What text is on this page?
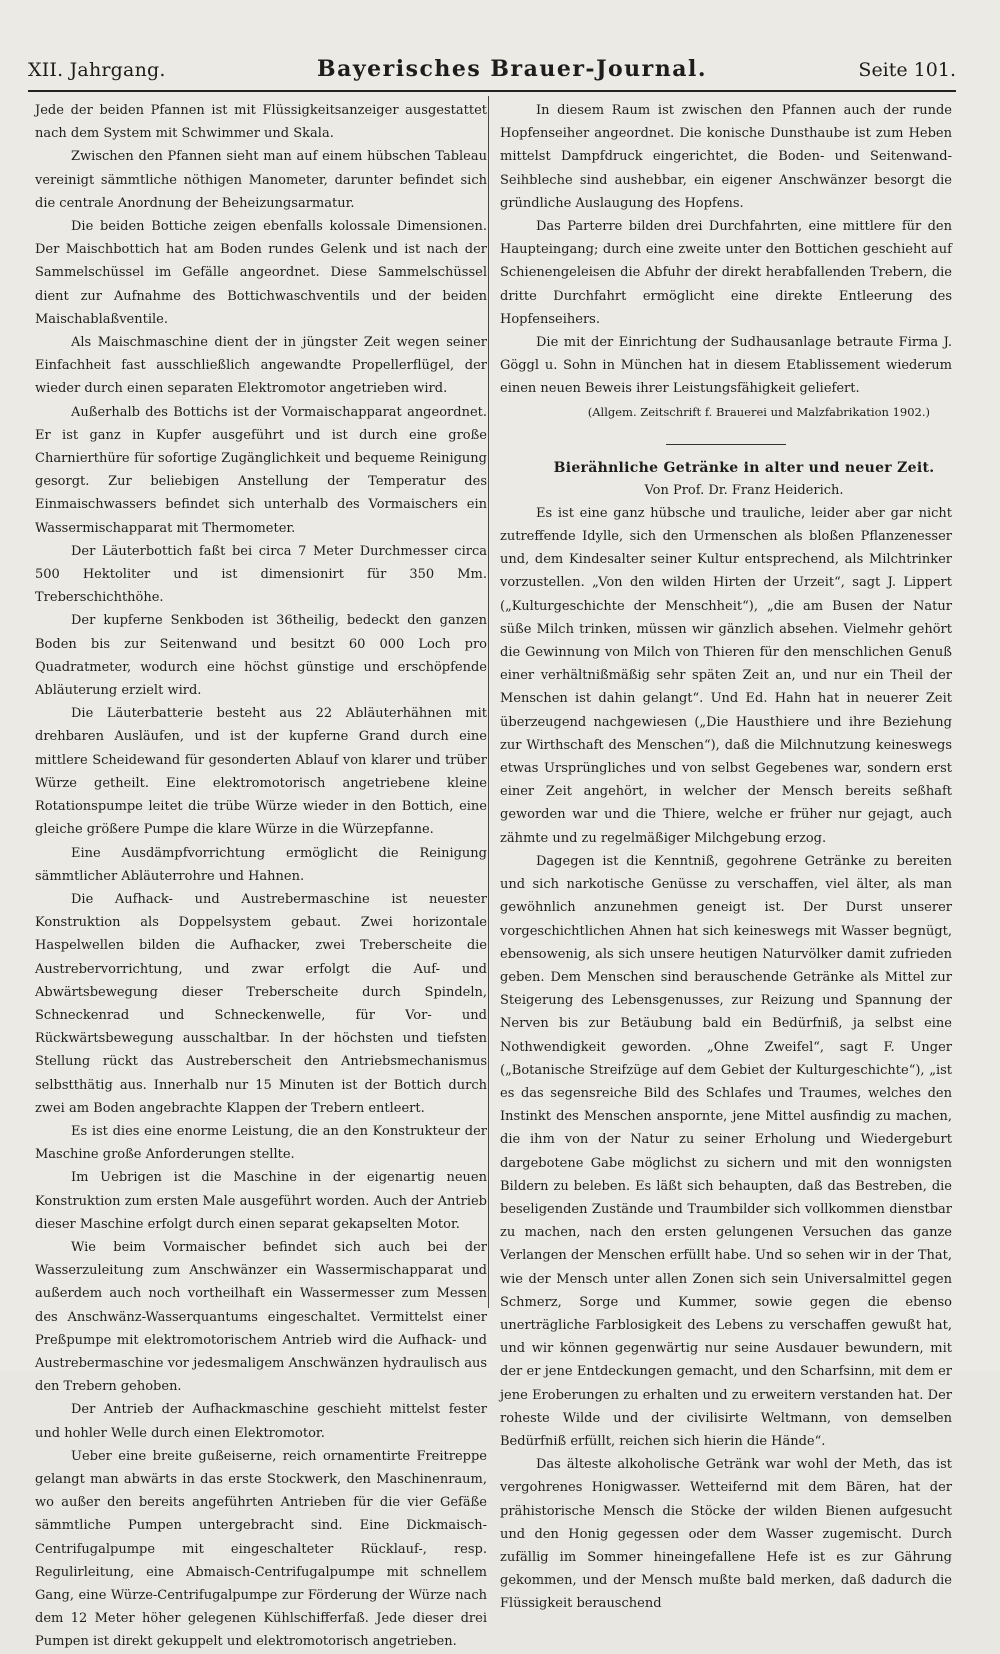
XII. Jahrgang.	Bayerisches Brauer-Journal.	Seite 101.

Jede der beiden Pfannen ist mit Flüssigkeitsanzeiger ausgestattet nach dem System mit Schwimmer und Skala.

Zwischen den Pfannen sieht man auf einem hübschen Tableau vereinigt sämmtliche nöthigen Manometer, darunter befindet sich die centrale Anordnung der Beheizungsarmatur.

Die beiden Bottiche zeigen ebenfalls kolossale Dimensionen. Der Maischbottich hat am Boden rundes Gelenk und ist nach der Sammelschüssel im Gefälle angeordnet. Diese Sammelschüssel dient zur Aufnahme des Bottichwaschventils und der beiden Maischablaßventile.

Als Maischmaschine dient der in jüngster Zeit wegen seiner Einfachheit fast ausschließlich angewandte Propellerflügel, der wieder durch einen separaten Elektromotor angetrieben wird.

Außerhalb des Bottichs ist der Vormaischapparat angeordnet. Er ist ganz in Kupfer ausgeführt und ist durch eine große Charnierthüre für sofortige Zugänglichkeit und bequeme Reinigung gesorgt. Zur beliebigen Anstellung der Temperatur des Einmaischwassers befindet sich unterhalb des Vormaischers ein Wassermischapparat mit Thermometer.

Der Läuterbottich faßt bei circa 7 Meter Durchmesser circa 500 Hektoliter und ist dimensionirt für 350 Mm. Treberschichthöhe.

Der kupferne Senkboden ist 36theilig, bedeckt den ganzen Boden bis zur Seitenwand und besitzt 60 000 Loch pro Quadratmeter, wodurch eine höchst günstige und erschöpfende Abläuterung erzielt wird.

Die Läuterbatterie besteht aus 22 Abläuterhähnen mit drehbaren Ausläufen, und ist der kupferne Grand durch eine mittlere Scheidewand für gesonderten Ablauf von klarer und trüber Würze getheilt. Eine elektromotorisch angetriebene kleine Rotationspumpe leitet die trübe Würze wieder in den Bottich, eine gleiche größere Pumpe die klare Würze in die Würzepfanne.

Eine Ausdämpfvorrichtung ermöglicht die Reinigung sämmtlicher Abläuterrohre und Hahnen.

Die Aufhack- und Austrebermaschine ist neuester Konstruktion als Doppelsystem gebaut. Zwei horizontale Haspelwellen bilden die Aufhacker, zwei Treberscheite die Austrebervorrichtung, und zwar erfolgt die Auf- und Abwärtsbewegung dieser Treberscheite durch Spindeln, Schneckenrad und Schneckenwelle, für Vor- und Rückwärtsbewegung ausschaltbar. In der höchsten und tiefsten Stellung rückt das Austreberscheit den Antriebsmechanismus selbstthätig aus. Innerhalb nur 15 Minuten ist der Bottich durch zwei am Boden angebrachte Klappen der Trebern entleert.

Es ist dies eine enorme Leistung, die an den Konstrukteur der Maschine große Anforderungen stellte.

Im Uebrigen ist die Maschine in der eigenartig neuen Konstruktion zum ersten Male ausgeführt worden. Auch der Antrieb dieser Maschine erfolgt durch einen separat gekapselten Motor.

Wie beim Vormaischer befindet sich auch bei der Wasserzuleitung zum Anschwänzer ein Wassermischapparat und außerdem auch noch vortheilhaft ein Wassermesser zum Messen des Anschwänz-Wasserquantums eingeschaltet. Vermittelst einer Preßpumpe mit elektromotorischem Antrieb wird die Aufhack- und Austrebermaschine vor jedesmaligem Anschwänzen hydraulisch aus den Trebern gehoben.

Der Antrieb der Aufhackmaschine geschieht mittelst fester und hohler Welle durch einen Elektromotor.

Ueber eine breite gußeiserne, reich ornamentirte Freitreppe gelangt man abwärts in das erste Stockwerk, den Maschinenraum, wo außer den bereits angeführten Antrieben für die vier Gefäße sämmtliche Pumpen untergebracht sind. Eine Dickmaisch-Centrifugalpumpe mit eingeschalteter Rücklauf-, resp. Regulirleitung, eine Abmaisch-Centrifugalpumpe mit schnellem Gang, eine Würze-Centrifugalpumpe zur Förderung der Würze nach dem 12 Meter höher gelegenen Kühlschifferfaß. Jede dieser drei Pumpen ist direkt gekuppelt und elektromotorisch angetrieben.

In diesem Raum ist zwischen den Pfannen auch der runde Hopfenseiher angeordnet. Die konische Dunsthaube ist zum Heben mittelst Dampfdruck eingerichtet, die Boden- und Seitenwand-Seihbleche sind aushebbar, ein eigener Anschwänzer besorgt die gründliche Auslaugung des Hopfens.

Das Parterre bilden drei Durchfahrten, eine mittlere für den Haupteingang; durch eine zweite unter den Bottichen geschieht auf Schienengeleisen die Abfuhr der direkt herabfallenden Trebern, die dritte Durchfahrt ermöglicht eine direkte Entleerung des Hopfenseihers.

Die mit der Einrichtung der Sudhausanlage betraute Firma J. Göggl u. Sohn in München hat in diesem Etablissement wiederum einen neuen Beweis ihrer Leistungsfähigkeit geliefert.

(Allgem. Zeitschrift f. Brauerei und Malzfabrikation 1902.)

Bierähnliche Getränke in alter und neuer Zeit.

Von Prof. Dr. Franz Heiderich.

Es ist eine ganz hübsche und trauliche, leider aber gar nicht zutreffende Idylle, sich den Urmenschen als bloßen Pflanzenesser und, dem Kindesalter seiner Kultur entsprechend, als Milchtrinker vorzustellen. „Von den wilden Hirten der Urzeit“, sagt J. Lippert („Kulturgeschichte der Menschheit“), „die am Busen der Natur süße Milch trinken, müssen wir gänzlich absehen. Vielmehr gehört die Gewinnung von Milch von Thieren für den menschlichen Genuß einer verhältnißmäßig sehr späten Zeit an, und nur ein Theil der Menschen ist dahin gelangt“. Und Ed. Hahn hat in neuerer Zeit überzeugend nachgewiesen („Die Hausthiere und ihre Beziehung zur Wirthschaft des Menschen“), daß die Milchnutzung keineswegs etwas Ursprüngliches und von selbst Gegebenes war, sondern erst einer Zeit angehört, in welcher der Mensch bereits seßhaft geworden war und die Thiere, welche er früher nur gejagt, auch zähmte und zu regelmäßiger Milchgebung erzog.

Dagegen ist die Kenntniß, gegohrene Getränke zu bereiten und sich narkotische Genüsse zu verschaffen, viel älter, als man gewöhnlich anzunehmen geneigt ist. Der Durst unserer vorgeschichtlichen Ahnen hat sich keineswegs mit Wasser begnügt, ebensowenig, als sich unsere heutigen Naturvölker damit zufrieden geben. Dem Menschen sind berauschende Getränke als Mittel zur Steigerung des Lebensgenusses, zur Reizung und Spannung der Nerven bis zur Betäubung bald ein Bedürfniß, ja selbst eine Nothwendigkeit geworden. „Ohne Zweifel“, sagt F. Unger („Botanische Streifzüge auf dem Gebiet der Kulturgeschichte“), „ist es das segensreiche Bild des Schlafes und Traumes, welches den Instinkt des Menschen anspornte, jene Mittel ausfindig zu machen, die ihm von der Natur zu seiner Erholung und Wiedergeburt dargebotene Gabe möglichst zu sichern und mit den wonnigsten Bildern zu beleben. Es läßt sich behaupten, daß das Bestreben, die beseligenden Zustände und Traumbilder sich vollkommen dienstbar zu machen, nach den ersten gelungenen Versuchen das ganze Verlangen der Menschen erfüllt habe. Und so sehen wir in der That, wie der Mensch unter allen Zonen sich sein Universalmittel gegen Schmerz, Sorge und Kummer, sowie gegen die ebenso unerträgliche Farblosigkeit des Lebens zu verschaffen gewußt hat, und wir können gegenwärtig nur seine Ausdauer bewundern, mit der er jene Entdeckungen gemacht, und den Scharfsinn, mit dem er jene Eroberungen zu erhalten und zu erweitern verstanden hat. Der roheste Wilde und der civilisirte Weltmann, von demselben Bedürfniß erfüllt, reichen sich hierin die Hände“.

Das älteste alkoholische Getränk war wohl der Meth, das ist vergohrenes Honigwasser. Wetteifernd mit dem Bären, hat der prähistorische Mensch die Stöcke der wilden Bienen aufgesucht und den Honig gegessen oder dem Wasser zugemischt. Durch zufällig im Sommer hineingefallene Hefe ist es zur Gährung gekommen, und der Mensch mußte bald merken, daß dadurch die Flüssigkeit berauschend
